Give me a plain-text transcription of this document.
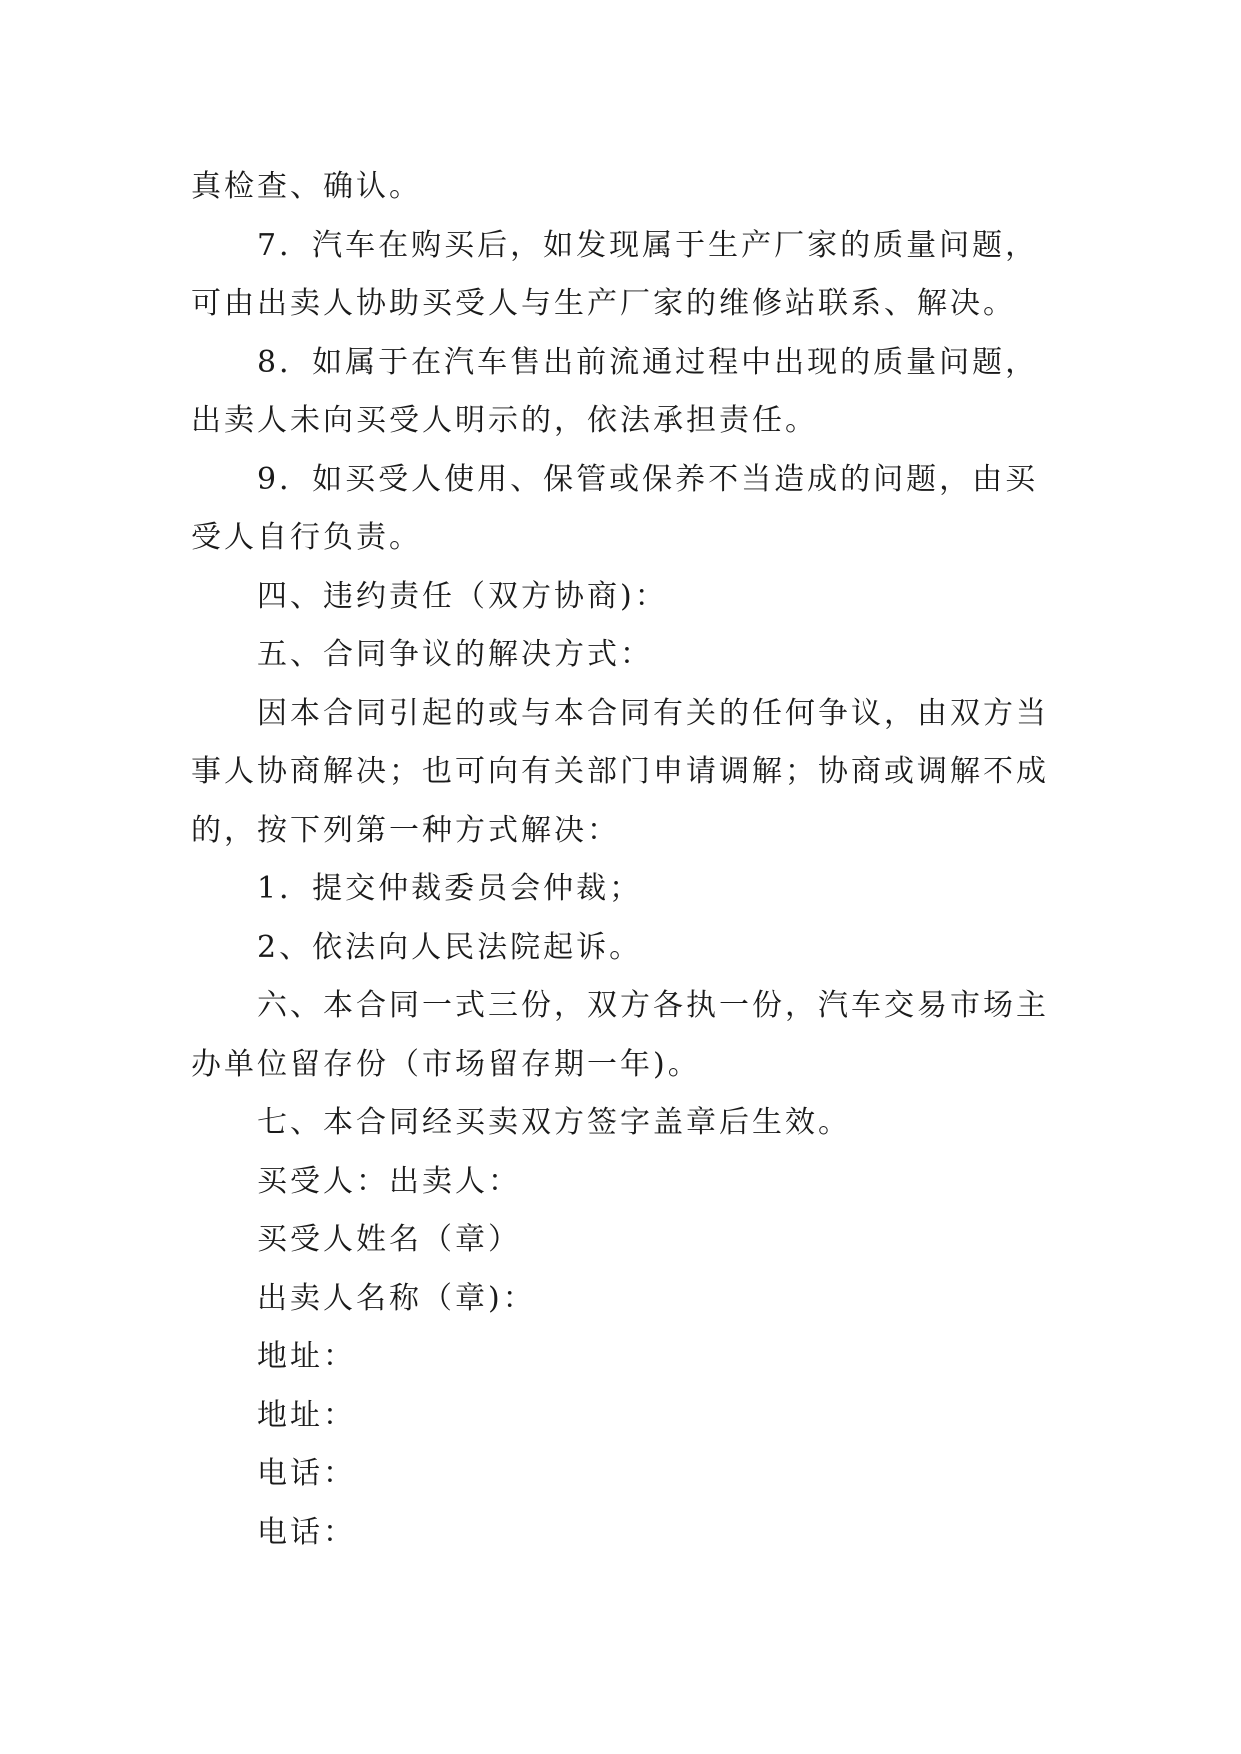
真检查、确认。
7．汽车在购买后，如发现属于生产厂家的质量问题，
可由出卖人协助买受人与生产厂家的维修站联系、解决。
8．如属于在汽车售出前流通过程中出现的质量问题，
出卖人未向买受人明示的，依法承担责任。
9．如买受人使用、保管或保养不当造成的问题，由买
受人自行负责。
四、违约责任（双方协商)：
五、合同争议的解决方式：
因本合同引起的或与本合同有关的任何争议，由双方当
事人协商解决；也可向有关部门申请调解；协商或调解不成
的，按下列第一种方式解决：
1．提交仲裁委员会仲裁；
2、依法向人民法院起诉。
六、本合同一式三份，双方各执一份，汽车交易市场主
办单位留存份（市场留存期一年)。
七、本合同经买卖双方签字盖章后生效。
买受人：出卖人：
买受人姓名（章）
出卖人名称（章)：
地址：
地址：
电话：
电话：
